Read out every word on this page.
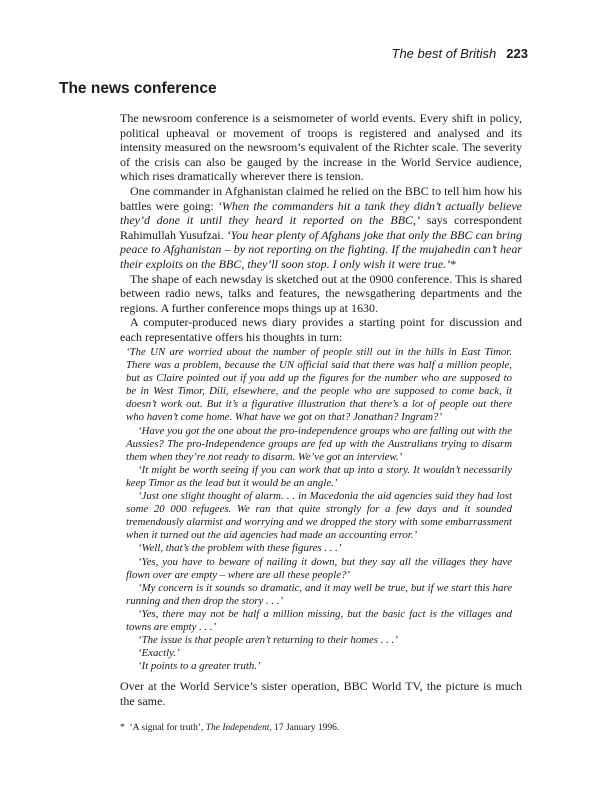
The best of British 223
The news conference

The newsroom conference is a seismometer of world events. Every shift in policy, political upheaval or movement of troops is registered and analysed and its intensity measured on the newsroom’s equivalent of the Richter scale. The severity of the crisis can also be gauged by the increase in the World Service audience, which rises dramatically wherever there is tension.

One commander in Afghanistan claimed he relied on the BBC to tell him how his battles were going: ‘When the commanders hit a tank they didn’t actually believe they’d done it until they heard it reported on the BBC,’ says correspondent Rahimullah Yusufzai. ‘You hear plenty of Afghans joke that only the BBC can bring peace to Afghanistan – by not reporting on the fighting. If the mujahedin can’t hear their exploits on the BBC, they’ll soon stop. I only wish it were true.’*

The shape of each newsday is sketched out at the 0900 conference. This is shared between radio news, talks and features, the newsgathering departments and the regions. A further conference mops things up at 1630.

A computer-produced news diary provides a starting point for discussion and each representative offers his thoughts in turn:

‘The UN are worried about the number of people still out in the hills in East Timor. There was a problem, because the UN official said that there was half a million people, but as Claire pointed out if you add up the figures for the number who are supposed to be in West Timor, Dili, elsewhere, and the people who are supposed to come back, it doesn’t work out. But it’s a figurative illustration that there’s a lot of people out there who haven’t come home. What have we got on that? Jonathan? Ingram?’

‘Have you got the one about the pro-independence groups who are falling out with the Aussies? The pro-Independence groups are fed up with the Australians trying to disarm them when they’re not ready to disarm. We’ve got an interview.’

‘It might be worth seeing if you can work that up into a story. It wouldn’t necessarily keep Timor as the lead but it would be an angle.’

‘Just one slight thought of alarm. . . in Macedonia the aid agencies said they had lost some 20 000 refugees. We ran that quite strongly for a few days and it sounded tremendously alarmist and worrying and we dropped the story with some embarrassment when it turned out the aid agencies had made an accounting error.’

‘Well, that’s the problem with these figures . . .’

‘Yes, you have to beware of nailing it down, but they say all the villages they have flown over are empty – where are all these people?’

‘My concern is it sounds so dramatic, and it may well be true, but if we start this hare running and then drop the story . . .’

‘Yes, there may not be half a million missing, but the basic fact is the villages and towns are empty . . .’

‘The issue is that people aren’t returning to their homes . . .’

‘Exactly.’

‘It points to a greater truth.’

Over at the World Service’s sister operation, BBC World TV, the picture is much the same.

* ‘A signal for truth’, The Independent, 17 January 1996.
